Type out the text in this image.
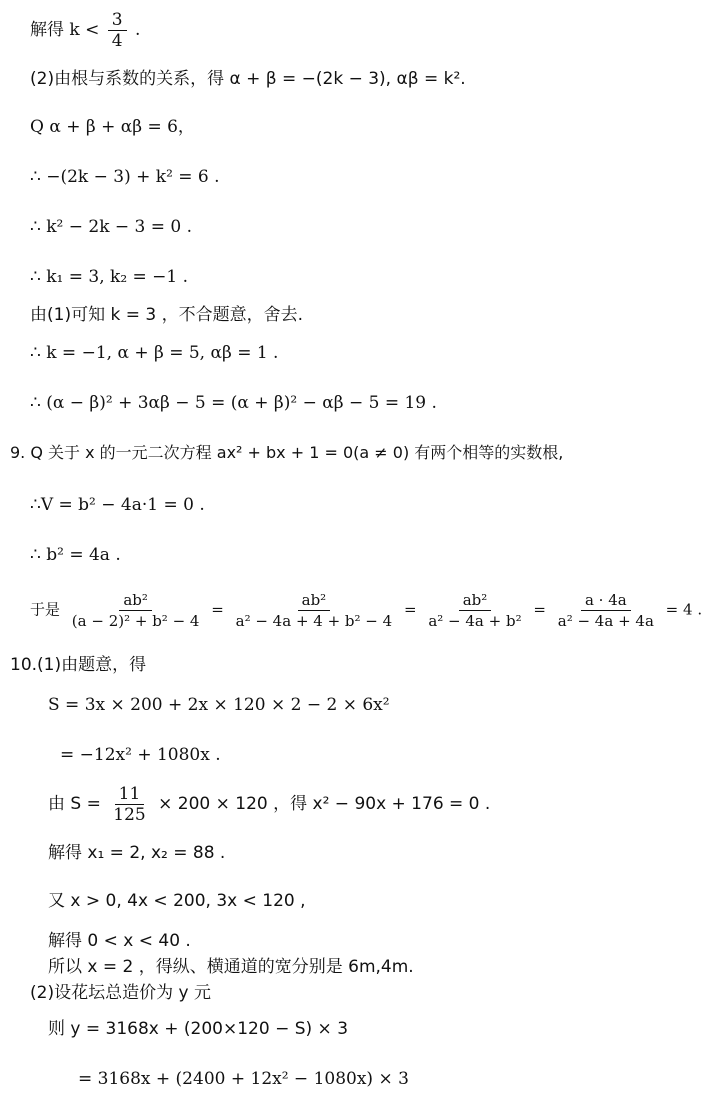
解得 $k < \frac{3}{4}$ .
(2)由根与系数的关系，得 α + β = −(2k − 3), αβ = k².
Q α + β + αβ = 6，
∴ −(2k − 3) + k² = 6 .
∴ k² − 2k − 3 = 0 .
∴ k₁ = 3, k₂ = −1 .
由(1)可知 k = 3 ，不合题意，舍去.
∴ k = −1, α + β = 5, αβ = 1 .
∴ (α − β)² + 3αβ − 5 = (α + β)² − αβ − 5 = 19 .
9. Q 关于 x 的一元二次方程 ax² + bx + 1 = 0(a ≠ 0) 有两个相等的实数根,
∴V = b² − 4a·1 = 0 .
∴ b² = 4a .
于是 $\frac{\text{ab²}}{\text{(a − 2)² + b² − 4}} = \frac{\text{ab²}}{\text{a² − 4a + 4 + b² − 4}} = \frac{\text{ab²}}{\text{a² − 4a + b²}} = \frac{a \cdot 4a}{\text{a² − 4a + 4a}} = 4$ .
10.(1)由题意，得
S = 3x × 200 + 2x × 120 × 2 − 2 × 6x²
= −12x² + 1080x .
由 $S = \frac{11}{125} \times 200 \times 120$ ，得 x² − 90x + 176 = 0 .
解得 x₁ = 2, x₂ = 88 .
又 x > 0, 4x < 200, 3x < 120 ,
解得 0 < x < 40 .
所以 x = 2 ，得纵、横通道的宽分别是 6m,4m.
(2)设花坛总造价为 y 元
则 y = 3168x + (200×120 − S) × 3
= 3168x + (2400 + 12x² − 1080x) × 3
